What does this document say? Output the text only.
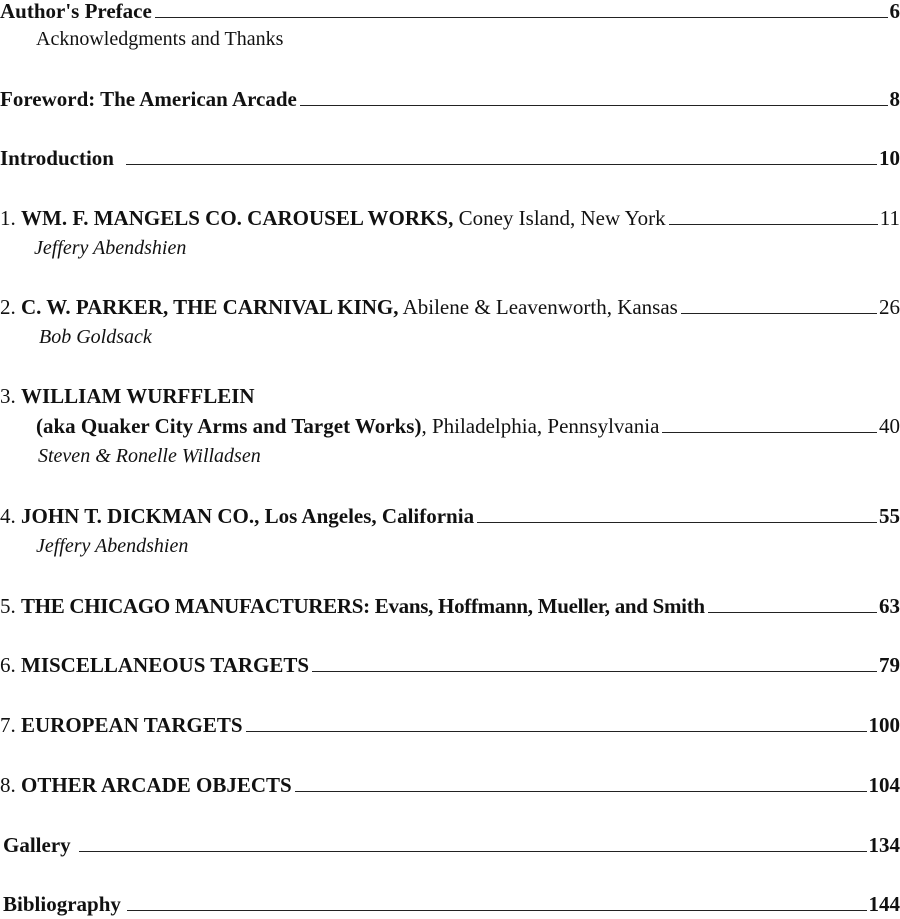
Author's Preface	6
Acknowledgments and Thanks
Foreword: The American Arcade	8
Introduction	10
1. WM. F. MANGELS CO. CAROUSEL WORKS, Coney Island, New York	11
Jeffery Abendshien
2. C. W. PARKER, THE CARNIVAL KING, Abilene & Leavenworth, Kansas	26
Bob Goldsack
3. WILLIAM WURFFLEIN
(aka Quaker City Arms and Target Works), Philadelphia, Pennsylvania	40
Steven & Ronelle Willadsen
4. JOHN T. DICKMAN CO., Los Angeles, California	55
Jeffery Abendshien
5. THE CHICAGO MANUFACTURERS: Evans, Hoffmann, Mueller, and Smith	63
6. MISCELLANEOUS TARGETS	79
7. EUROPEAN TARGETS	100
8. OTHER ARCADE OBJECTS	104
Gallery	134
Bibliography	144
